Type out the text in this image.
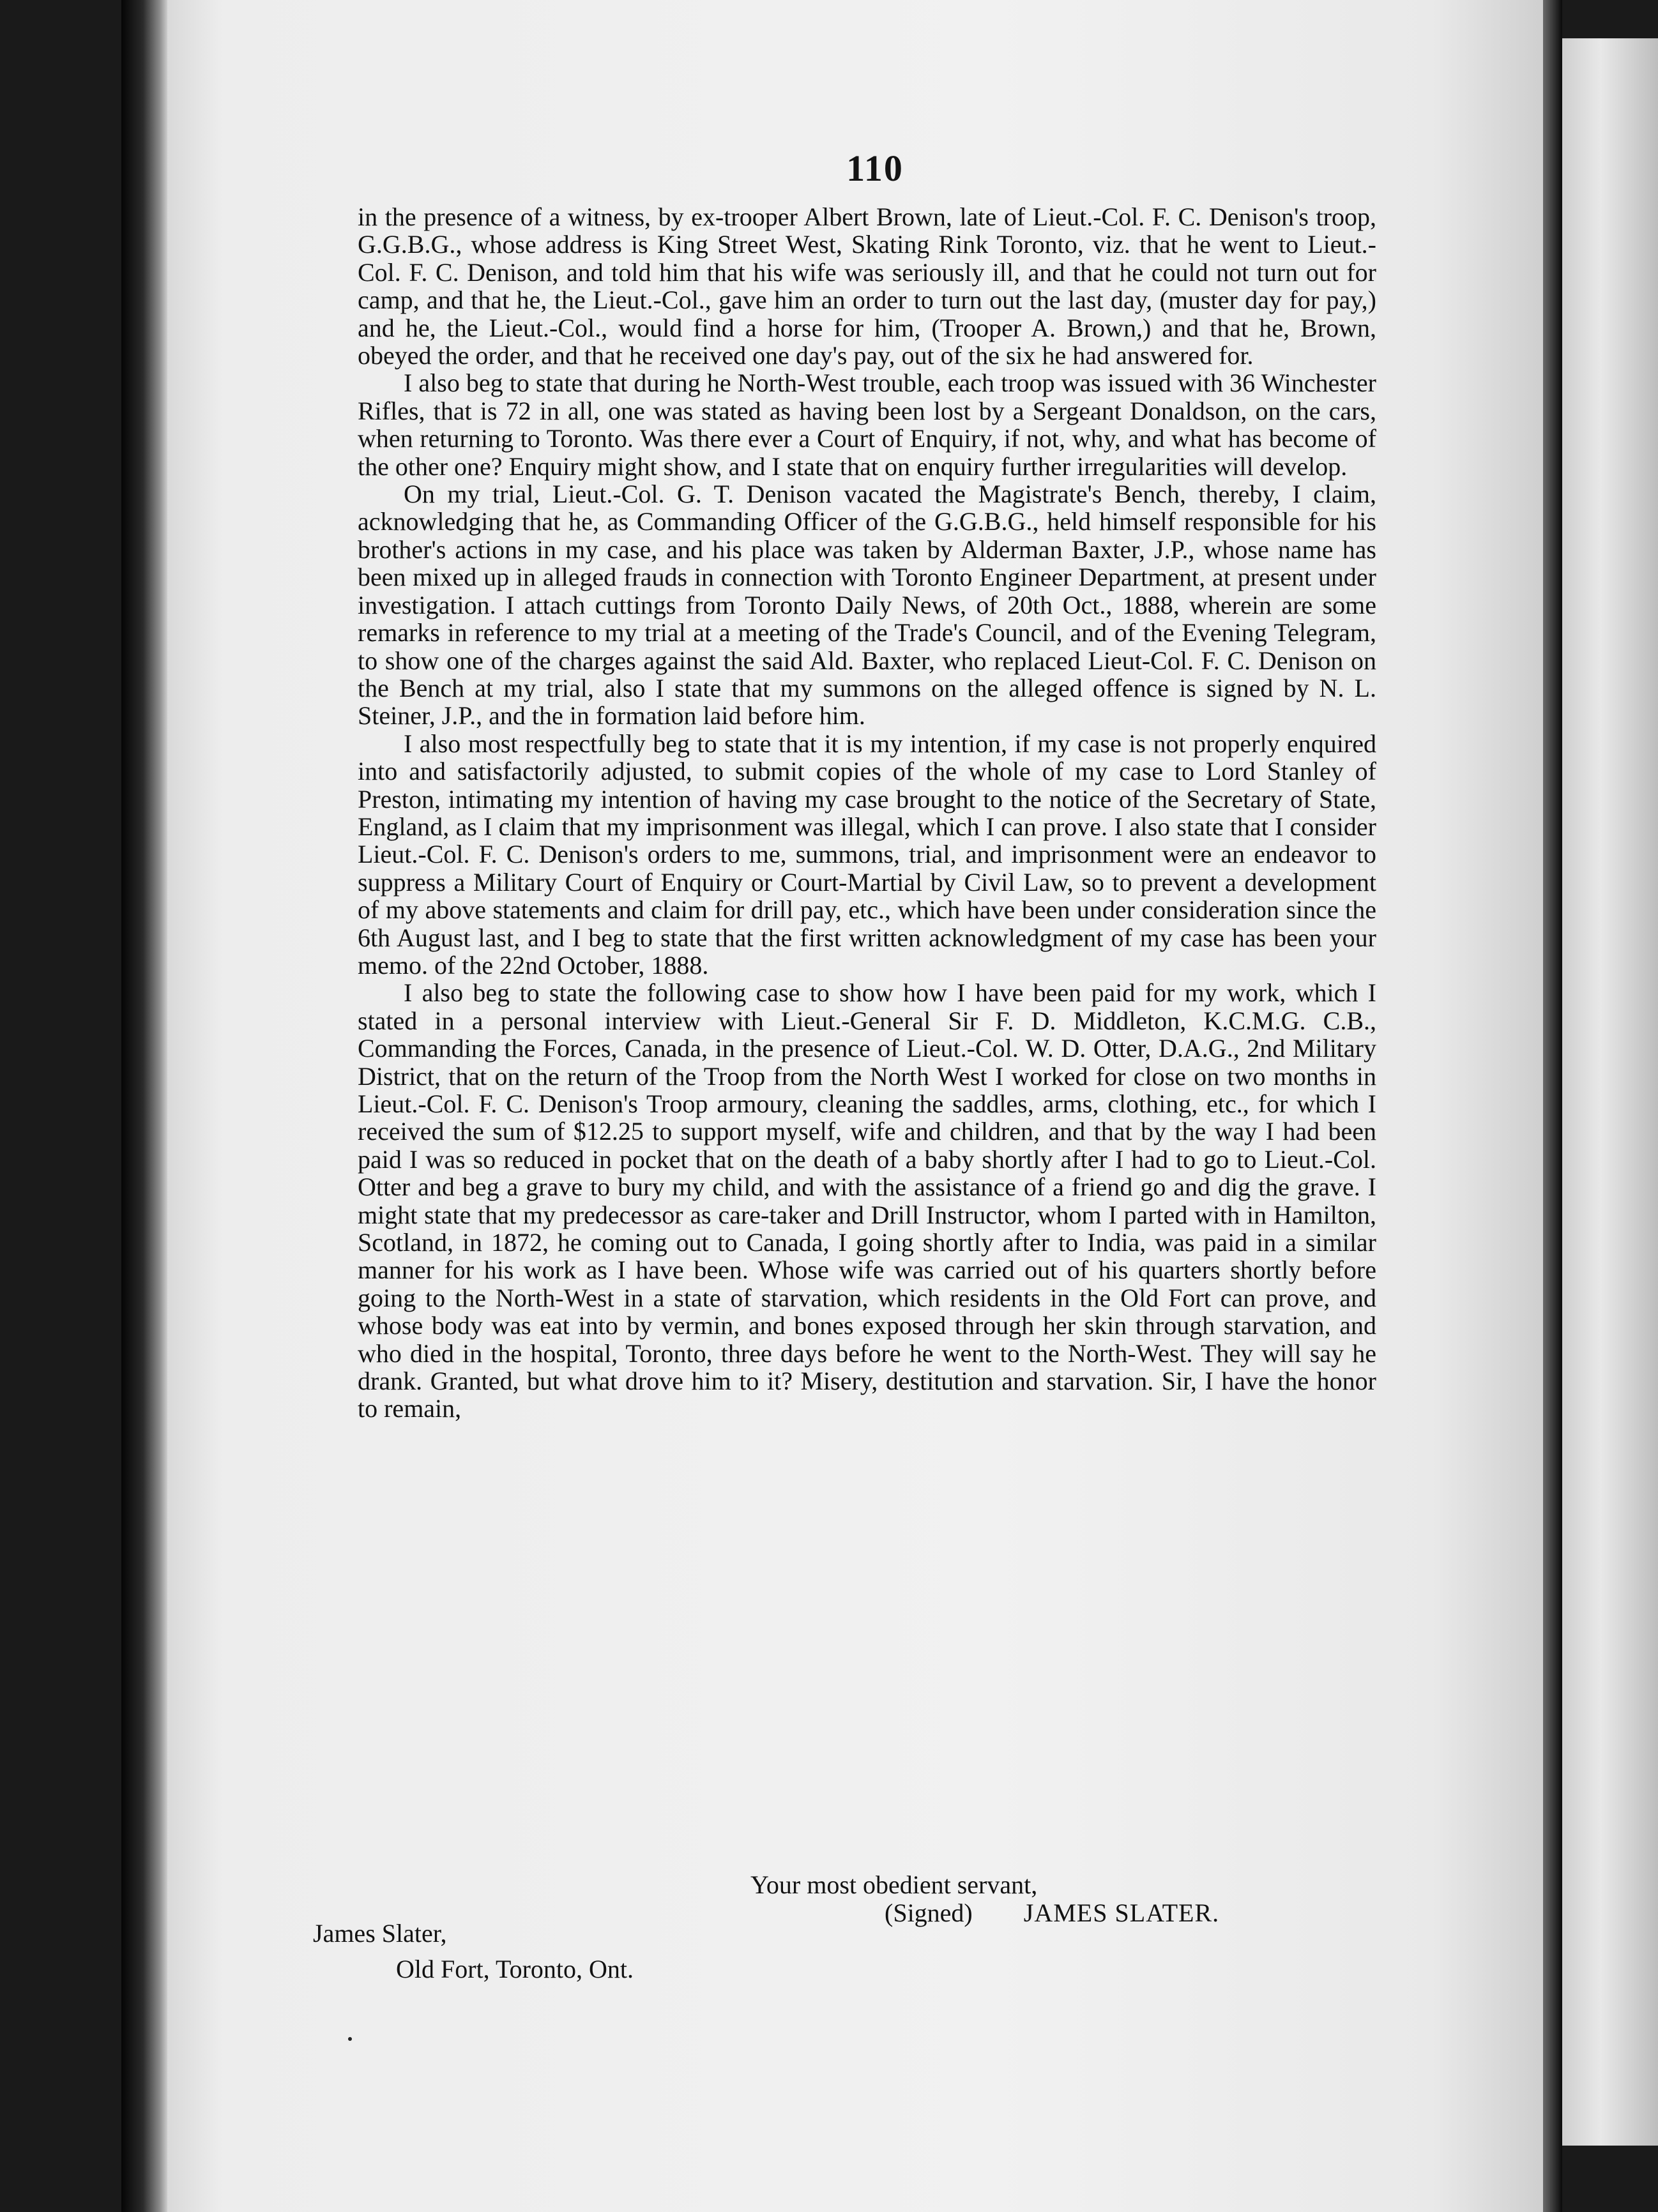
110

in the presence of a witness, by ex-trooper Albert Brown, late of Lieut.-Col. F. C. Denison's troop, G.G.B.G., whose address is King Street West, Skating Rink Toronto, viz. that he went to Lieut.-Col. F. C. Denison, and told him that his wife was seriously ill, and that he could not turn out for camp, and that he, the Lieut.-Col., gave him an order to turn out the last day, (muster day for pay,) and he, the Lieut.-Col., would find a horse for him, (Trooper A. Brown,) and that he, Brown, obeyed the order, and that he received one day's pay, out of the six he had answered for.

I also beg to state that during he North-West trouble, each troop was issued with 36 Winchester Rifles, that is 72 in all, one was stated as having been lost by a Sergeant Donaldson, on the cars, when returning to Toronto. Was there ever a Court of Enquiry, if not, why, and what has become of the other one? Enquiry might show, and I state that on enquiry further irregularities will develop.

On my trial, Lieut.-Col. G. T. Denison vacated the Magistrate's Bench, thereby, I claim, acknowledging that he, as Commanding Officer of the G.G.B.G., held himself responsible for his brother's actions in my case, and his place was taken by Alderman Baxter, J.P., whose name has been mixed up in alleged frauds in connection with Toronto Engineer Department, at present under investigation. I attach cuttings from Toronto Daily News, of 20th Oct., 1888, wherein are some remarks in reference to my trial at a meeting of the Trade's Council, and of the Evening Telegram, to show one of the charges against the said Ald. Baxter, who replaced Lieut-Col. F. C. Denison on the Bench at my trial, also I state that my summons on the alleged offence is signed by N. L. Steiner, J.P., and the in formation laid before him.

I also most respectfully beg to state that it is my intention, if my case is not properly enquired into and satisfactorily adjusted, to submit copies of the whole of my case to Lord Stanley of Preston, intimating my intention of having my case brought to the notice of the Secretary of State, England, as I claim that my imprisonment was illegal, which I can prove. I also state that I consider Lieut.-Col. F. C. Denison's orders to me, summons, trial, and imprisonment were an endeavor to suppress a Military Court of Enquiry or Court-Martial by Civil Law, so to prevent a development of my above statements and claim for drill pay, etc., which have been under consideration since the 6th August last, and I beg to state that the first written acknowledgment of my case has been your memo. of the 22nd October, 1888.

I also beg to state the following case to show how I have been paid for my work, which I stated in a personal interview with Lieut.-General Sir F. D. Middleton, K.C.M.G. C.B., Commanding the Forces, Canada, in the presence of Lieut.-Col. W. D. Otter, D.A.G., 2nd Military District, that on the return of the Troop from the North West I worked for close on two months in Lieut.-Col. F. C. Denison's Troop armoury, cleaning the saddles, arms, clothing, etc., for which I received the sum of $12.25 to support myself, wife and children, and that by the way I had been paid I was so reduced in pocket that on the death of a baby shortly after I had to go to Lieut.-Col. Otter and beg a grave to bury my child, and with the assistance of a friend go and dig the grave. I might state that my predecessor as care-taker and Drill Instructor, whom I parted with in Hamilton, Scotland, in 1872, he coming out to Canada, I going shortly after to India, was paid in a similar manner for his work as I have been. Whose wife was carried out of his quarters shortly before going to the North-West in a state of starvation, which residents in the Old Fort can prove, and whose body was eat into by vermin, and bones exposed through her skin through starvation, and who died in the hospital, Toronto, three days before he went to the North-West. They will say he drank. Granted, but what drove him to it? Misery, destitution and starvation. Sir, I have the honor to remain,

Your most obedient servant,
(Signed) JAMES SLATER.
James Slater,
Old Fort, Toronto, Ont.
